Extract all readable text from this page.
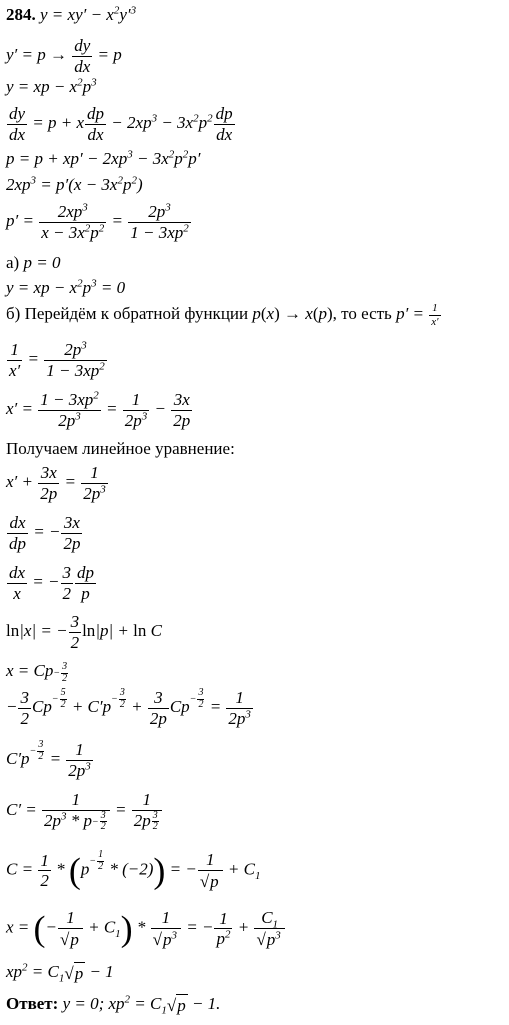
284. $y = xy' - x^2y'^3$
$y' = p \to \frac{dy}{dx} = p$
y = xp − $x^2p^3$
$\frac{dy}{dx} = p + x \frac{dp}{dx} - 2xp^3 - 3x^2p^2 \frac{dp}{dx}$
$p = p + xp' - 2xp^3 - 3x^2p^2p'$
$2xp^3 = p'(x - 3x^2p^2)$
$p' = \frac{2xp^3}{x - 3x^2p^2} = \frac{2p^3}{1 - 3xp^2}$
а) p = 0
y = xp − $x^2p^3 = 0$
б) Перейдём к обратной функции p(x) → x(p), то есть $p' = \frac{1}{x'}$
$\frac{1}{x'} = \frac{2p^3}{1 - 3xp^2}$
$x' = \frac{1 - 3xp^2}{2p^3} = \frac{1}{2p^3} - \frac{3x}{2p}$
Получаем линейное уравнение:
$x' + \frac{3x}{2p} = \frac{1}{2p^3}$
$\frac{dx}{dp}$ = − $\frac{3x}{2p}$
$\frac{dx}{x}$ = − $\frac{3}{2} \frac{dp}{p}$
ln|x| = − $\frac{3}{2} \ln|p| + \ln C$
$x = Cp- \frac{3}{2}$
− $\frac{3}{2} Cp- \frac{5}{2} + C'p- \frac{3}{2} + \frac{3}{2p} Cp- \frac{3}{2} = \frac{1}{2p^3}$
$C'p- \frac{3}{2} = \frac{1}{2p^3}$
$C' = \frac{1}{2p^3 * p- \frac{3}{2}} = \frac{1}{2p \frac{3}{2}}$
$C = \frac{1}{2} * (p- \frac{1}{2} * (-2))$ = − $\frac{1}{√p} + C_1$
x = (− $\frac{1}{√p} + C_1) * \frac{1}{√p^3}$ = − $\frac{1}{p^2} + \frac{C_1}{√p^3}$
$xp^2 = C_1√p - 1$
Ответ: y = 0; $xp^2 = C_1√p - 1$.
